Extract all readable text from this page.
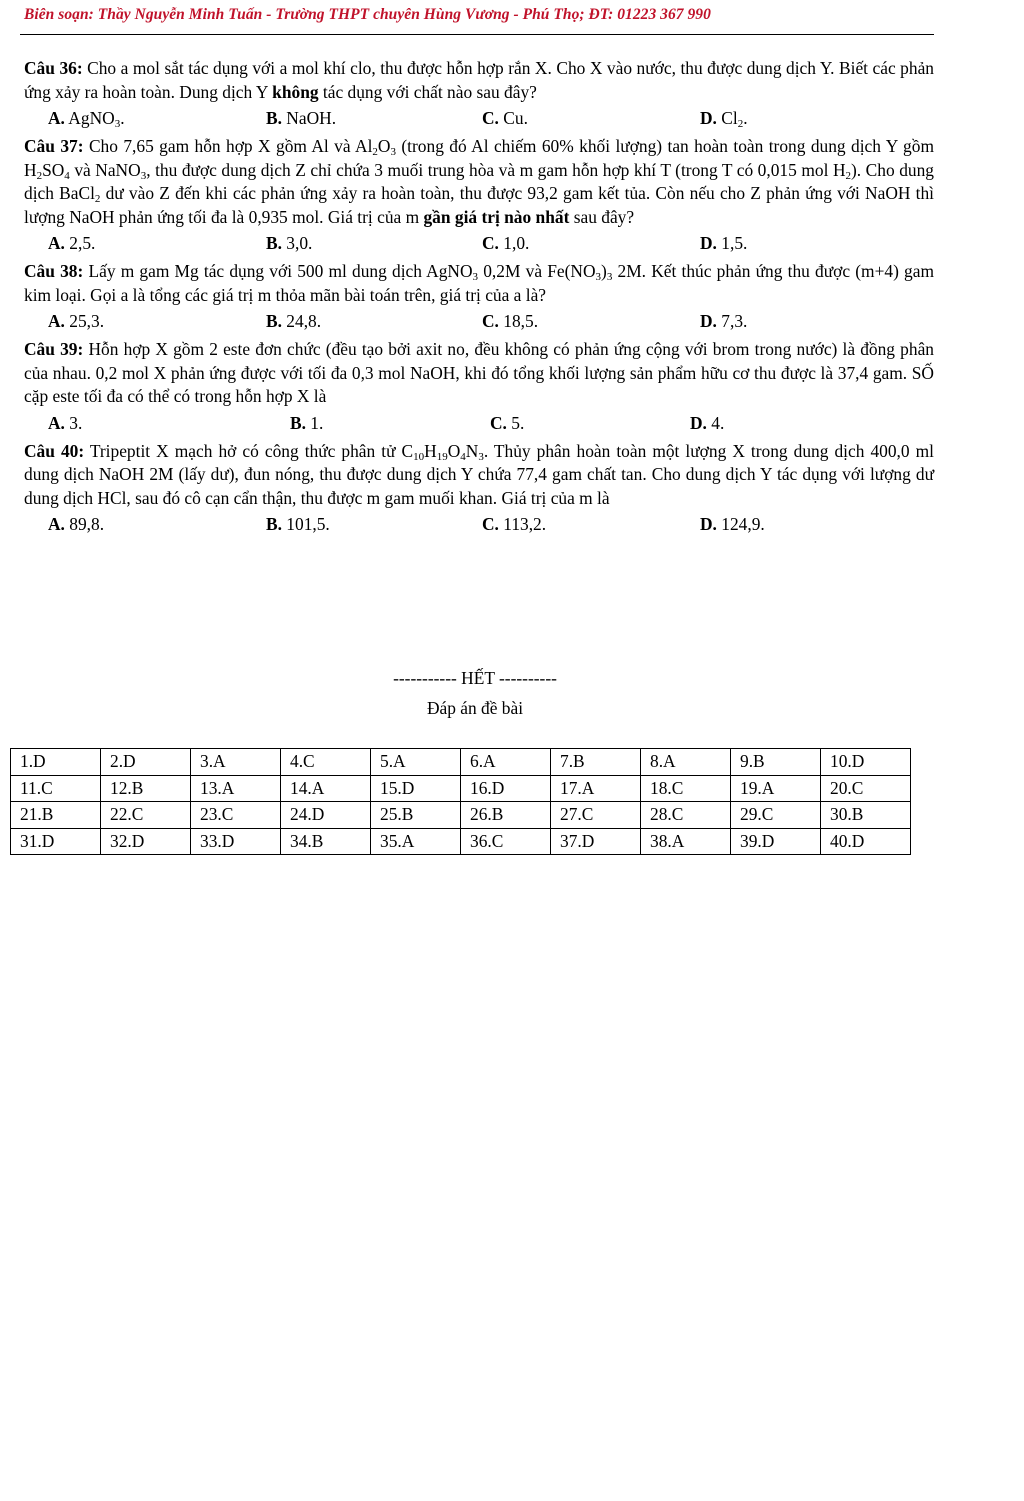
Biên soạn: Thầy Nguyễn Minh Tuấn - Trường THPT chuyên Hùng Vương - Phú Thọ; ĐT: 01223 367 990
Câu 36: Cho a mol sắt tác dụng với a mol khí clo, thu được hỗn hợp rắn X. Cho X vào nước, thu được dung dịch Y. Biết các phản ứng xảy ra hoàn toàn. Dung dịch Y không tác dụng với chất nào sau đây?
A. AgNO$_3$.	B. NaOH.	C. Cu.	D. $Cl_2$.
Câu 37: Cho 7,65 gam hỗn hợp X gồm Al và $Al_2O_3$ (trong đó Al chiếm 60% khối lượng) tan hoàn toàn trong dung dịch Y gồm $H_2SO_4$ và NaNO$_3$, thu được dung dịch Z chỉ chứa 3 muối trung hòa và m gam hỗn hợp khí T (trong T có 0,015 mol $H_2$). Cho dung dịch BaCl$_2$ dư vào Z đến khi các phản ứng xảy ra hoàn toàn, thu được 93,2 gam kết tủa. Còn nếu cho Z phản ứng với NaOH thì lượng NaOH phản ứng tối đa là 0,935 mol. Giá trị của m gần giá trị nào nhất sau đây?
A. 2,5.	B. 3,0.	C. 1,0.	D. 1,5.
Câu 38: Lấy m gam Mg tác dụng với 500 ml dung dịch AgNO$_3$ 0,2M và $Fe(NO_3)_3$ 2M. Kết thúc phản ứng thu được (m+4) gam kim loại. Gọi a là tổng các giá trị m thỏa mãn bài toán trên, giá trị của a là?
A. 25,3.	B. 24,8.	C. 18,5.	D. 7,3.
Câu 39: Hỗn hợp X gồm 2 este đơn chức (đều tạo bởi axit no, đều không có phản ứng cộng với brom trong nước) là đồng phân của nhau. 0,2 mol X phản ứng được với tối đa 0,3 mol NaOH, khi đó tổng khối lượng sản phẩm hữu cơ thu được là 37,4 gam. SỐ cặp este tối đa có thể có trong hỗn hợp X là
A. 3.	B. 1.	C. 5.	D. 4.
Câu 40: Tripeptit X mạch hở có công thức phân tử $C_{10}H_{19}O_4N_3$. Thủy phân hoàn toàn một lượng X trong dung dịch 400,0 ml dung dịch NaOH 2M (lấy dư), đun nóng, thu được dung dịch Y chứa 77,4 gam chất tan. Cho dung dịch Y tác dụng với lượng dư dung dịch HCl, sau đó cô cạn cẩn thận, thu được m gam muối khan. Giá trị của m là
A. 89,8.	B. 101,5.	C. 113,2.	D. 124,9.
----------- HẾT ----------
Đáp án đề bài
1.D	2.D	3.A	4.C	5.A	6.A	7.B	8.A	9.B	10.D
11.C	12.B	13.A	14.A	15.D	16.D	17.A	18.C	19.A	20.C
21.B	22.C	23.C	24.D	25.B	26.B	27.C	28.C	29.C	30.B
31.D	32.D	33.D	34.B	35.A	36.C	37.D	38.A	39.D	40.D
